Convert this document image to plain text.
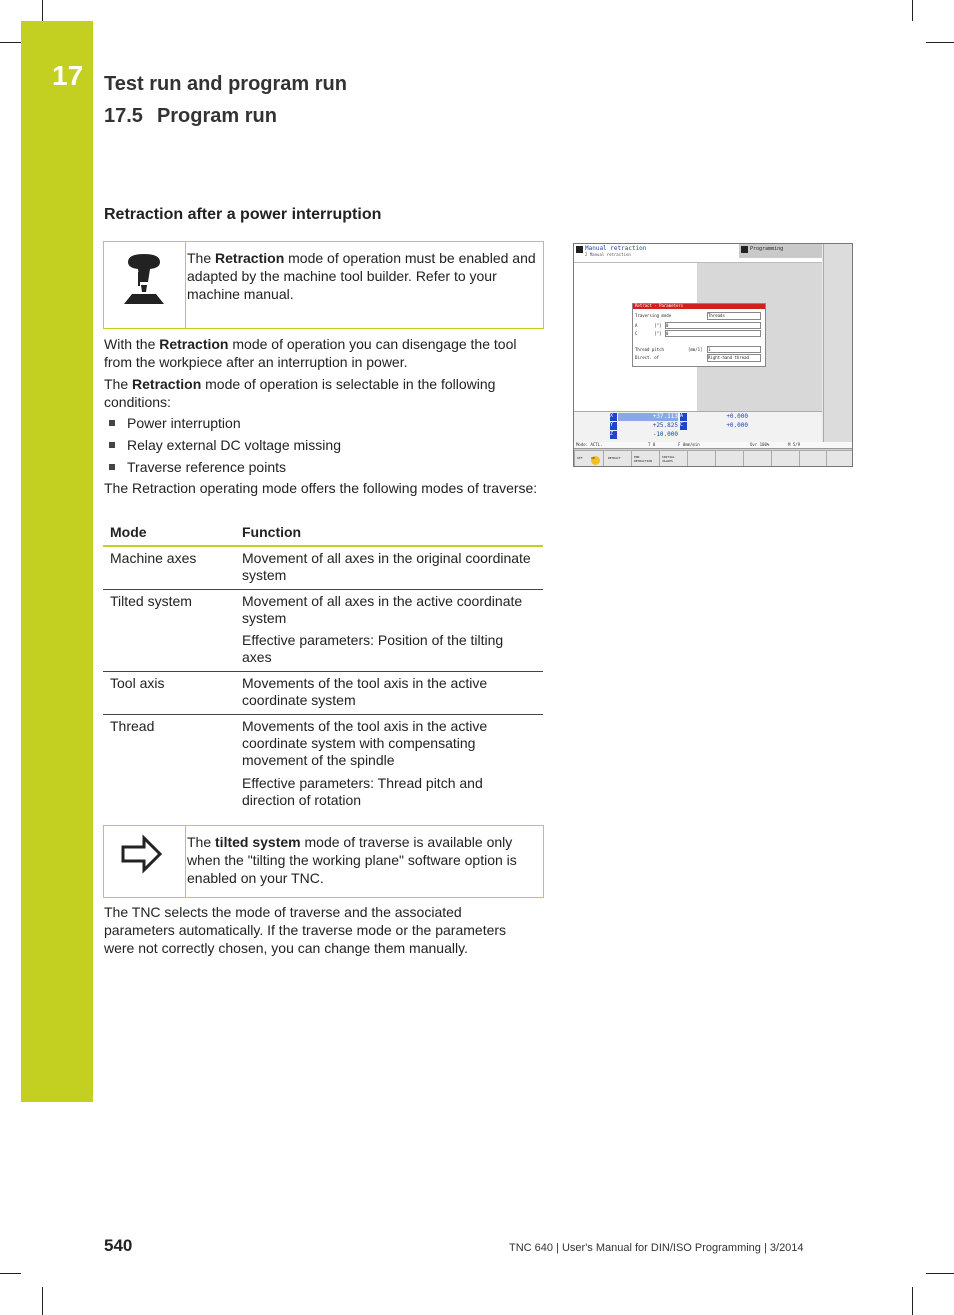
17 Test run and program run
17.5 Program run
Retraction after a power interruption
The Retraction mode of operation must be enabled and adapted by the machine tool builder. Refer to your machine manual.
With the Retraction mode of operation you can disengage the tool from the workpiece after an interruption in power.
The Retraction mode of operation is selectable in the following conditions:
Power interruption
Relay external DC voltage missing
Traverse reference points
The Retraction operating mode offers the following modes of traverse:
Mode	Function
Machine axes	Movement of all axes in the original coordinate system
Tilted system	Movement of all axes in the active coordinate system
Effective parameters: Position of the tilting axes
Tool axis	Movements of the tool axis in the active coordinate system
Thread	Movements of the tool axis in the active coordinate system with compensating movement of the spindle
Effective parameters: Thread pitch and direction of rotation
The tilted system mode of traverse is available only when the "tilting the working plane" software option is enabled on your TNC.
The TNC selects the mode of traverse and the associated parameters automatically. If the traverse mode or the parameters were not correctly chosen, you can change them manually.
Manual retraction
2 Manual retraction
Programming
Retract - Parameters
Traversing mode	Threads
A       [°] 0
C       [°] 0
Thread pitch          [mm/1] 1
Direct. of	Right-hand thread
X	+37.113 A	+0.000
Y	+25.825 C	+0.000
Z	-10.000
Mode: ACTL.	T 0	F 0mm/min	Ovr 100%	M 5/9
OFF	ON	RETRACT	END RETRACTION
INITIAL VALUES
540	TNC 640 | User's Manual for DIN/ISO Programming | 3/2014
